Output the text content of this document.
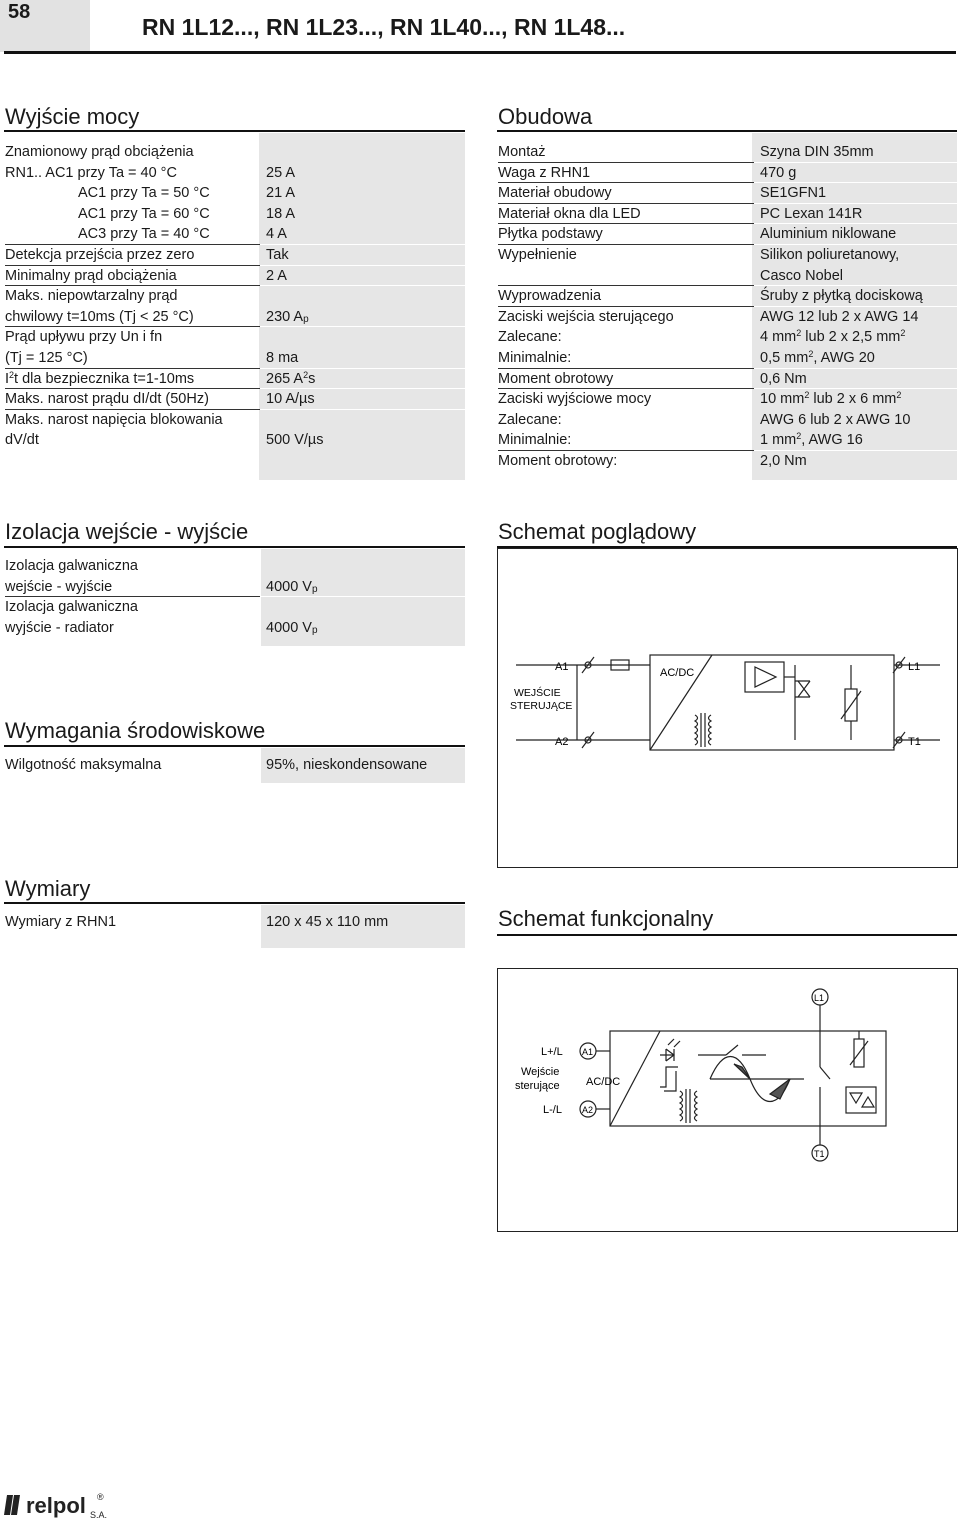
58
RN 1L12..., RN 1L23..., RN 1L40..., RN 1L48...
Wyjście mocy
Znamionowy prąd obciążenia
RN1.. AC1 przy Ta = 40 °C	25 A
AC1 przy Ta = 50 °C	21 A
AC1 przy Ta = 60 °C	18 A
AC3 przy Ta = 40 °C	4 A
Detekcja przejścia przez zero	Tak
Minimalny prąd obciążenia	2 A
Maks. niepowtarzalny prąd
chwilowy t=10ms (Tj < 25 °C)	230 $A_p$
Prąd upływu przy Un i fn
(Tj = 125 °C)	8 ma
$I^2t$ dla bezpiecznika t=1-10ms	265 $A^2s$
Maks. narost prądu dI/dt (50Hz)	10 A/µs
Maks. narost napięcia blokowania
dV/dt	500 V/µs
Obudowa
Montaż	Szyna DIN 35mm
Waga z RHN1	470 g
Materiał obudowy	SE1GFN1
Materiał okna dla LED	PC Lexan 141R
Płytka podstawy	Aluminium niklowane
Wypełnienie	Silikon poliuretanowy,
Casco Nobel
Wyprowadzenia	Śruby z płytką dociskową
Zaciski wejścia sterującego	AWG 12 lub 2 x AWG 14
Zalecane:	4 $mm^2$ lub 2 x 2,5 $mm^2$
Minimalnie:	0,5 $mm^2$, AWG 20
Moment obrotowy	0,6 Nm
Zaciski wyjściowe mocy	10 $mm^2$ lub 2 x 6 $mm^2$
Zalecane:	AWG 6 lub 2 x AWG 10
Minimalnie:	1 $mm^2$, AWG 16
Moment obrotowy:	2,0 Nm
Izolacja wejście - wyjście
Izolacja galwaniczna
wejście - wyjście	4000 $V_p$
Izolacja galwaniczna
wyjście - radiator	4000 $V_p$
Wymagania środowiskowe
Wilgotność maksymalna	95%, nieskondensowane
Wymiary
Wymiary z RHN1	120 x 45 x 110 mm
Schemat poglądowy
A1
A2
WEJŚCIE
STERUJĄCE
AC/DC	L1
T1
Schemat funkcjonalny
L+/L
Wejście
sterujące
L-/L
A1
A2
AC/DC
L1
T1
relpol S.A.
®
